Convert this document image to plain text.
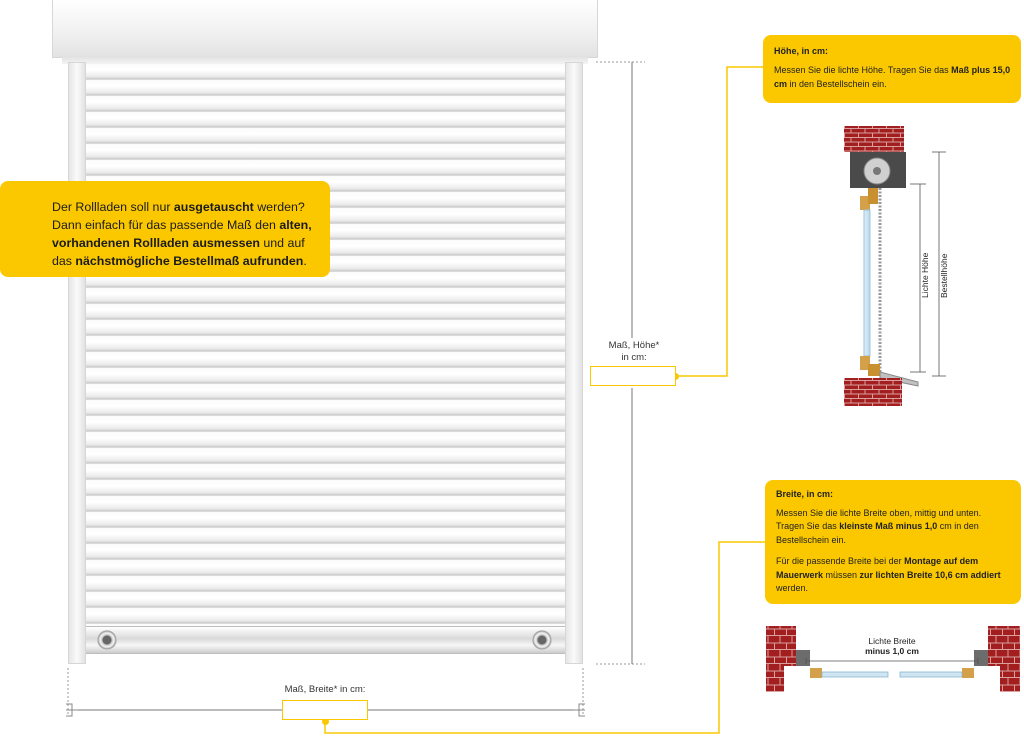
Der Rollladen soll nur ausgetauscht werden? Dann einfach für das passende Maß den alten, vorhandenen Rollladen ausmessen und auf das nächstmögliche Bestellmaß aufrunden.
Maß, Höhe*
in cm:
Maß, Breite* in cm:
Höhe, in cm:
Messen Sie die lichte Höhe. Tragen Sie das Maß plus 15,0 cm in den Bestellschein ein.
Breite, in cm:
Messen Sie die lichte Breite oben, mittig und unten. Tragen Sie das kleinste Maß minus 1,0 cm in den Bestellschein ein.
Für die passende Breite bei der Montage auf dem Mauerwerk müssen zur lichten Breite 10,6 cm addiert werden.
Lichte Höhe Bestellhöhe
Lichte Breite
minus 1,0 cm
